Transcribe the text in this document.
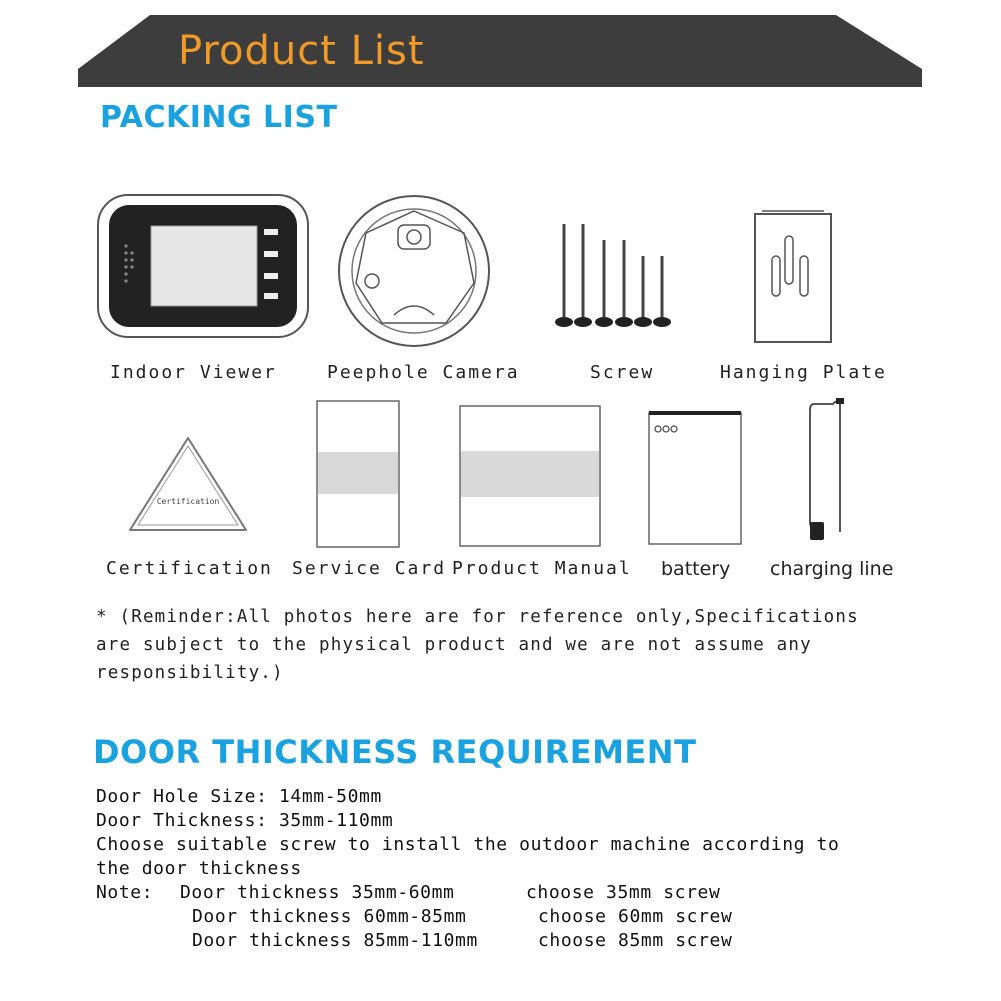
Product List
PACKING LIST
Indoor Viewer	Peephole Camera	Screw	Hanging Plate
Certification
Certification Service Card Product Manual battery charging line
* (Reminder:All photos here are for reference only,Specifications
are subject to the physical product and we are not assume any
responsibility.)
DOOR THICKNESS REQUIREMENT
Door Hole Size: 14mm-50mm
Door Thickness: 35mm-110mm
Choose suitable screw to install the outdoor machine according to
the door thickness
Note: Door thickness 35mm-60mm	choose 35mm screw
Door thickness 60mm-85mm	choose 60mm screw
Door thickness 85mm-110mm	choose 85mm screw
